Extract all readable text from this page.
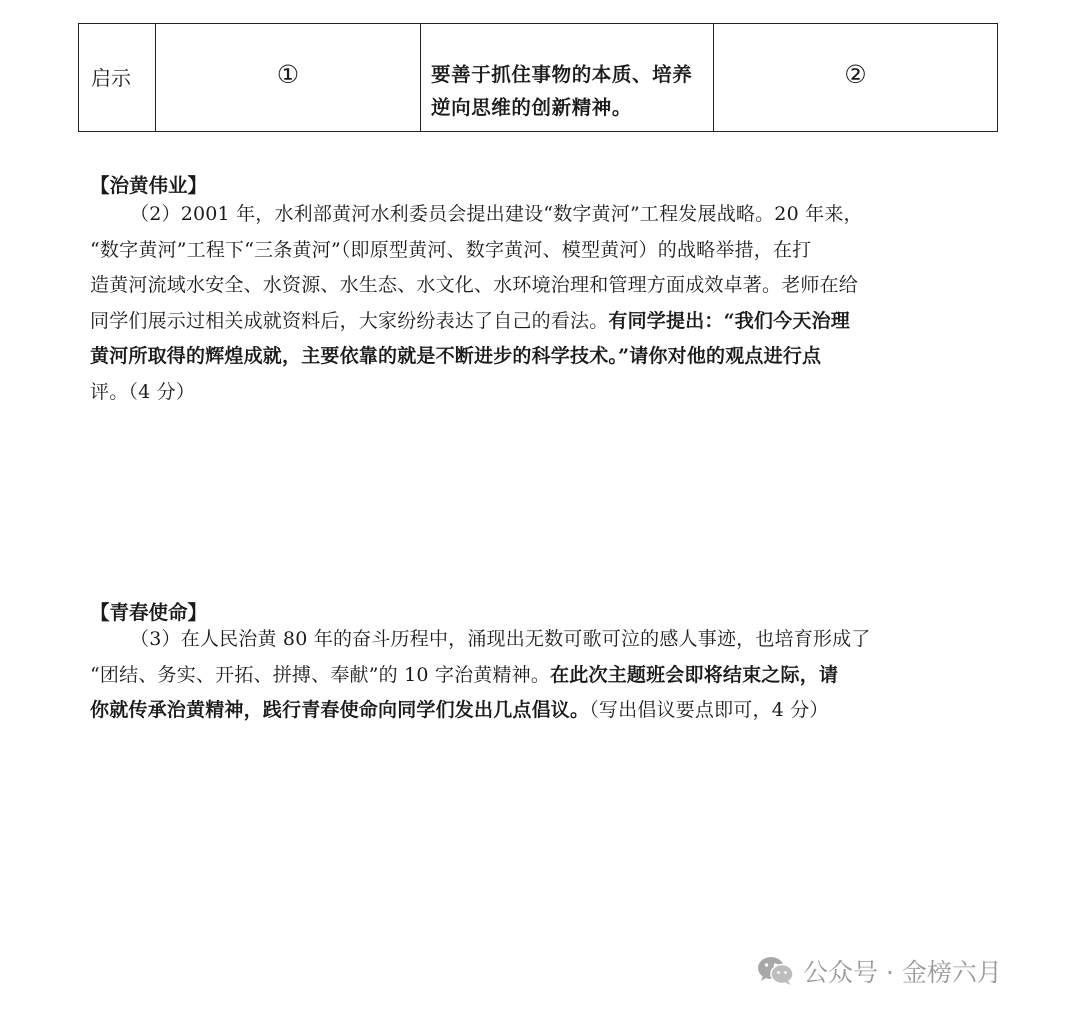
启示	①	要善于抓住事物的本质、培养逆向思维的创新精神。
②
【治黄伟业】
（2）2001 年，水利部黄河水利委员会提出建设“数字黄河”工程发展战略。20 年来，
“数字黄河”工程下“三条黄河”（即原型黄河、数字黄河、模型黄河）的战略举措，在打
造黄河流域水安全、水资源、水生态、水文化、水环境治理和管理方面成效卓著。老师在给
同学们展示过相关成就资料后，大家纷纷表达了自己的看法。有同学提出：“我们今天治理
黄河所取得的辉煌成就，主要依靠的就是不断进步的科学技术。”请你对他的观点进行点
评。（4 分）
【青春使命】
（3）在人民治黄 80 年的奋斗历程中，涌现出无数可歌可泣的感人事迹，也培育形成了
“团结、务实、开拓、拼搏、奉献”的 10 字治黄精神。在此次主题班会即将结束之际，请
你就传承治黄精神，践行青春使命向同学们发出几点倡议。（写出倡议要点即可，4 分）
公众号 · 金榜六月
